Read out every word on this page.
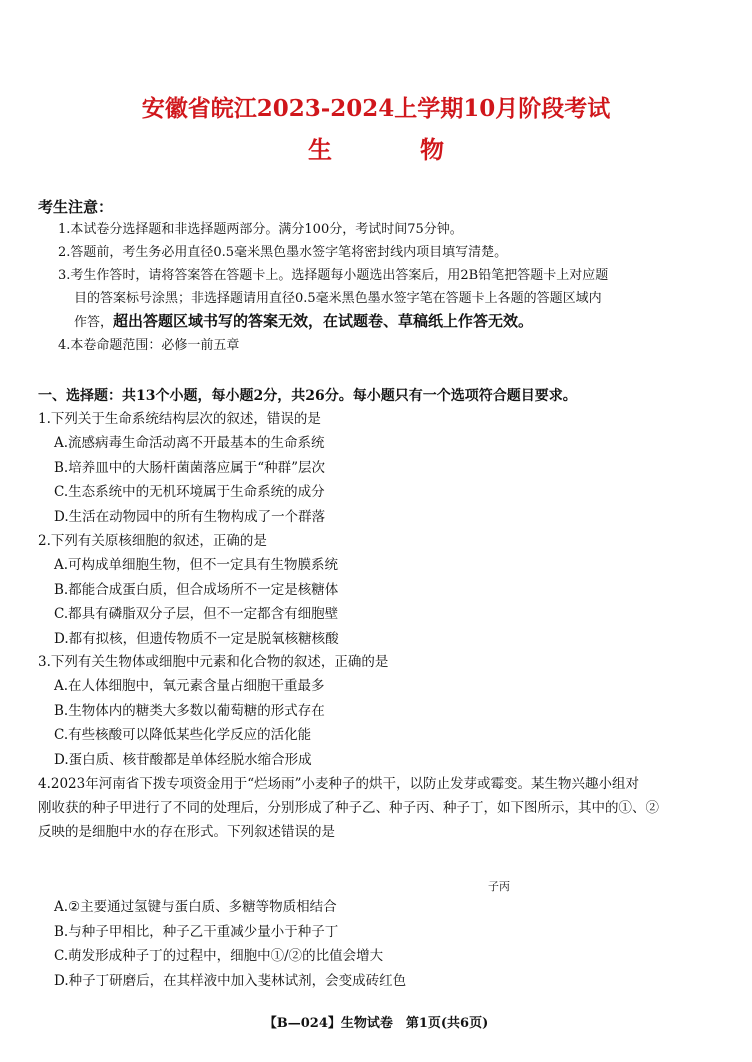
安徽省皖江2023-2024上学期10月阶段考试
生	物
考生注意：
1.本试卷分选择题和非选择题两部分。满分100分，考试时间75分钟。
2.答题前，考生务必用直径0.5毫米黑色墨水签字笔将密封线内项目填写清楚。
3.考生作答时，请将答案答在答题卡上。选择题每小题选出答案后，用2B铅笔把答题卡上对应题
目的答案标号涂黑；非选择题请用直径0.5毫米黑色墨水签字笔在答题卡上各题的答题区域内
作答，超出答题区域书写的答案无效，在试题卷、草稿纸上作答无效。
4.本卷命题范围：必修一前五章
一、选择题：共13个小题，每小题2分，共26分。每小题只有一个选项符合题目要求。
1.下列关于生命系统结构层次的叙述，错误的是
A.流感病毒生命活动离不开最基本的生命系统
B.培养皿中的大肠杆菌菌落应属于“种群”层次
C.生态系统中的无机环境属于生命系统的成分
D.生活在动物园中的所有生物构成了一个群落
2.下列有关原核细胞的叙述，正确的是
A.可构成单细胞生物，但不一定具有生物膜系统
B.都能合成蛋白质，但合成场所不一定是核糖体
C.都具有磷脂双分子层，但不一定都含有细胞壁
D.都有拟核，但遗传物质不一定是脱氧核糖核酸
3.下列有关生物体或细胞中元素和化合物的叙述，正确的是
A.在人体细胞中，氧元素含量占细胞干重最多
B.生物体内的糖类大多数以葡萄糖的形式存在
C.有些核酸可以降低某些化学反应的活化能
D.蛋白质、核苷酸都是单体经脱水缩合形成
4.2023年河南省下拨专项资金用于“烂场雨”小麦种子的烘干，以防止发芽或霉变。某生物兴趣小组对
刚收获的种子甲进行了不同的处理后，分别形成了种子乙、种子丙、种子丁，如下图所示，其中的①、②
反映的是细胞中水的存在形式。下列叙述错误的是
子丙
A.②主要通过氢键与蛋白质、多糖等物质相结合
B.与种子甲相比，种子乙干重减少量小于种子丁
C.萌发形成种子丁的过程中，细胞中①/②的比值会增大
D.种子丁研磨后，在其样液中加入斐林试剂，会变成砖红色
【B—024】生物试卷　第1页(共6页)
